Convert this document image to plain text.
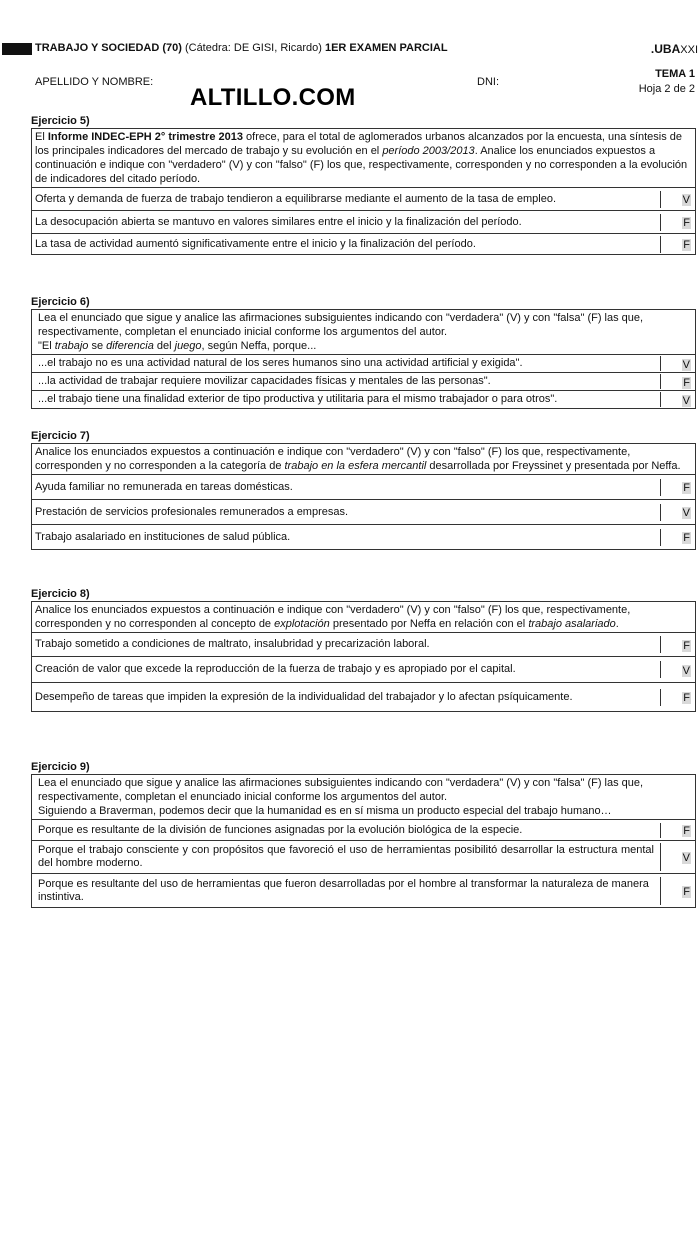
TRABAJO Y SOCIEDAD (70) (Cátedra: DE GISI, Ricardo) 1ER EXAMEN PARCIAL	.UBAXXI
APELLIDO Y NOMBRE:	DNI:
TEMA 1
Hoja 2 de 2
ALTILLO.COM
Ejercicio 5)
El Informe INDEC-EPH 2° trimestre 2013 ofrece, para el total de aglomerados urbanos alcanzados por la encuesta, una síntesis de los principales indicadores del mercado de trabajo y su evolución en el período 2003/2013. Analice los enunciados expuestos a continuación e indique con "verdadero" (V) y con "falso" (F) los que, respectivamente, corresponden y no corresponden a la evolución de indicadores del citado período.
Oferta y demanda de fuerza de trabajo tendieron a equilibrarse mediante el aumento de la tasa de empleo.	V
La desocupación abierta se mantuvo en valores similares entre el inicio y la finalización del período.	F
La tasa de actividad aumentó significativamente entre el inicio y la finalización del período.	F
Ejercicio 6)
Lea el enunciado que sigue y analice las afirmaciones subsiguientes indicando con "verdadera" (V) y con "falsa" (F) las que, respectivamente, completan el enunciado inicial conforme los argumentos del autor.
"El trabajo se diferencia del juego, según Neffa, porque...
...el trabajo no es una actividad natural de los seres humanos sino una actividad artificial y exigida".	V
...la actividad de trabajar requiere movilizar capacidades físicas y mentales de las personas".	F
...el trabajo tiene una finalidad exterior de tipo productiva y utilitaria para el mismo trabajador o para otros".	V
Ejercicio 7)
Analice los enunciados expuestos a continuación e indique con "verdadero" (V) y con "falso" (F) los que, respectivamente, corresponden y no corresponden a la categoría de trabajo en la esfera mercantil desarrollada por Freyssinet y presentada por Neffa.
Ayuda familiar no remunerada en tareas domésticas.	F
Prestación de servicios profesionales remunerados a empresas.	V
Trabajo asalariado en instituciones de salud pública.	F
Ejercicio 8)
Analice los enunciados expuestos a continuación e indique con "verdadero" (V) y con "falso" (F) los que, respectivamente, corresponden y no corresponden al concepto de explotación presentado por Neffa en relación con el trabajo asalariado.
Trabajo sometido a condiciones de maltrato, insalubridad y precarización laboral.	F
Creación de valor que excede la reproducción de la fuerza de trabajo y es apropiado por el capital.	V
Desempeño de tareas que impiden la expresión de la individualidad del trabajador y lo afectan psíquicamente.	F
Ejercicio 9)
Lea el enunciado que sigue y analice las afirmaciones subsiguientes indicando con "verdadera" (V) y con "falsa" (F) las que, respectivamente, completan el enunciado inicial conforme los argumentos del autor.
Siguiendo a Braverman, podemos decir que la humanidad es en sí misma un producto especial del trabajo humano…
Porque es resultante de la división de funciones asignadas por la evolución biológica de la especie.	F
Porque el trabajo consciente y con propósitos que favoreció el uso de herramientas posibilitó desarrollar la estructura mental del hombre moderno.	V
Porque es resultante del uso de herramientas que fueron desarrolladas por el hombre al transformar la naturaleza de manera instintiva.	F
